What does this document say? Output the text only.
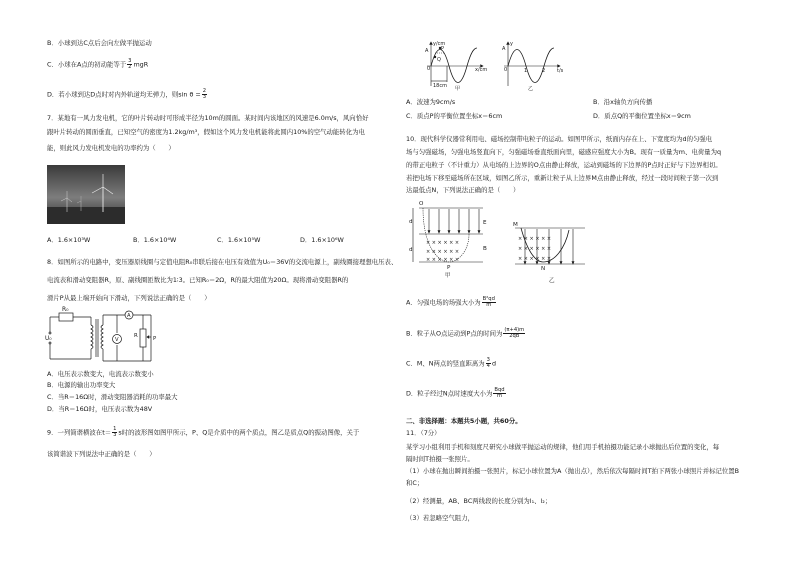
B．小球到达C点后会向左做平抛运动
C．小球在A点的初动能等于 $\frac{3}{2}$ mgR
D．若小球到达D点时对内外轨道均无弹力，则$\sin \theta = \frac{2}{3}$
7．某地有一风力发电机，它的叶片转动时可形成半径为10m的圆面。某时间内该地区的风速是6.0m/s，风向恰好
跟叶片转动的圆面垂直，已知空气的密度为1.2kg/m³，假如这个风力发电机能将此圆内10%的空气动能转化为电
能，则此风力发电机发电的功率约为（　　）
A．1.6×10³W	B．1.6×10⁴W	C．1.6×10⁵W	D．1.6×10⁶W
8．如图所示的电路中，变压器原线圈与定值电阻R₀串联后接在电压有效值为U₀＝36V的交流电源上，副线圈接理想电压表、
电流表和滑动变阻器R，原、副线圈匝数比为1∶3。已知R₀＝2Ω，R的最大阻值为20Ω。现将滑动变阻器R的
滑片P从最上端开始向下滑动，下列说法正确的是（　　）
R₀
U₀
A
V
R	P
A．电压表示数变大，电流表示数变小
B．电源的输出功率变大
C．当R＝16Ω时，滑动变阻器消耗的功率最大
D．当R＝16Ω时，电压表示数为48V
9．一列简谐横波在$t= \frac{1}{3}$ s时的波形图如图甲所示，P、Q是介质中的两个质点，图乙是质点Q的振动图像，关于
该简谐波下列说法中正确的是（　　）
y/cm
A
Q
P
0	x/cm
18cm 甲
y
A
0	1	2 t/s
乙
A．波速为9cm/s	B．沿x轴负方向传播
C．质点P的平衡位置坐标x＝6cm	D．质点Q的平衡位置坐标x＝9cm
10．现代科学仪器常利用电、磁场控制带电粒子的运动。如图甲所示，纸面内存在上、下宽度均为d的匀强电
场与匀强磁场，匀强电场竖直向下，匀强磁场垂直纸面向里，磁感应强度大小为B。现有一质量为m、电荷量为q
的带正电粒子（不计重力）从电场的上边界的O点由静止释放，运动到磁场的下边界的P点时正好与下边界相切。
若把电场下移至磁场所在区域，如图乙所示，重新让粒子从上边界M点由静止释放，经过一段时间粒子第一次到
达最低点N，下列说法正确的是（　　）
O
E
d
d	B
P
甲
× × × × × ×
× × × × × ×
× × × × × ×
M
N
乙
× × × × × ×
× × × × × ×
× × × × × ×
A．匀强电场的场强大小为 $\frac{\text{B²qd}}{m}$
B．粒子从O点运动到P点的时间为 $\frac{(\pi+4)m}{2qB}$
C．M、N两点的竖直距离为 $\frac{3}{4}$ d
D．粒子经过N点时速度大小为 $\frac{\text{Bqd}}{m}$
二、非选择题：本题共5小题，共60分。
11．（7分）
某学习小组利用手机和刻度尺研究小球做平抛运动的规律，他们用手机拍摄功能记录小球抛出后位置的变化，每
隔时间T拍摄一张照片。
（1）小球在抛出瞬间拍摄一张照片，标记小球位置为A（抛出点），然后依次每隔时间T拍下两张小球照片并标记位置B
和C；
（2）经测量，AB、BC两线段的长度分别为l₁、l₂；
（3）若忽略空气阻力，
